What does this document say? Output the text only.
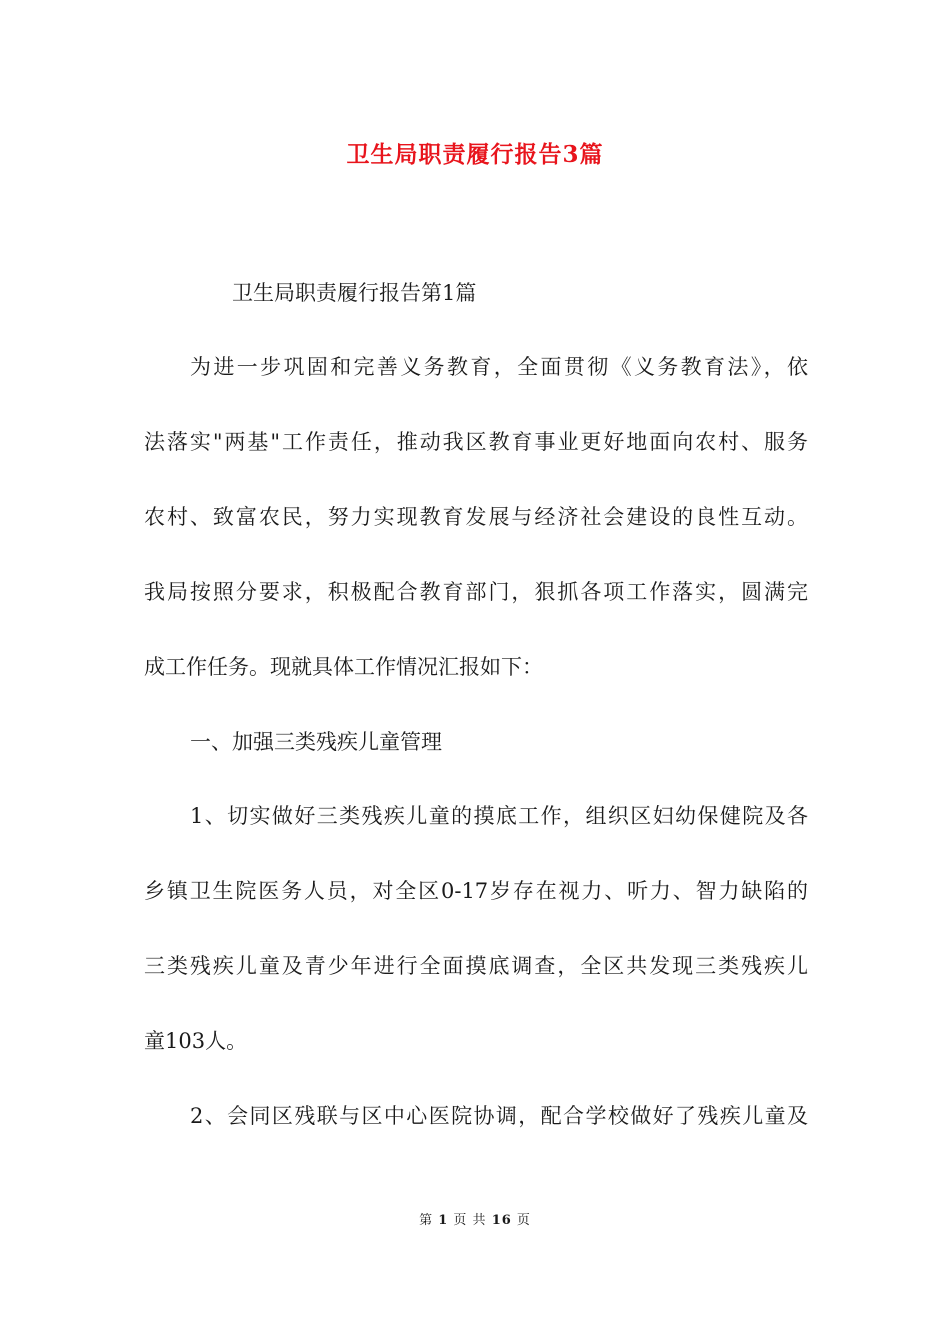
卫生局职责履行报告3篇
卫生局职责履行报告第1篇
为进一步巩固和完善义务教育，全面贯彻《义务教育法》，依
法落实"两基"工作责任，推动我区教育事业更好地面向农村、服务
农村、致富农民，努力实现教育发展与经济社会建设的良性互动。
我局按照分要求，积极配合教育部门，狠抓各项工作落实，圆满完
成工作任务。现就具体工作情况汇报如下：
一、加强三类残疾儿童管理
1、切实做好三类残疾儿童的摸底工作，组织区妇幼保健院及各
乡镇卫生院医务人员，对全区0-17岁存在视力、听力、智力缺陷的
三类残疾儿童及青少年进行全面摸底调查，全区共发现三类残疾儿
童103人。
2、会同区残联与区中心医院协调，配合学校做好了残疾儿童及
第 1 页 共 16 页
